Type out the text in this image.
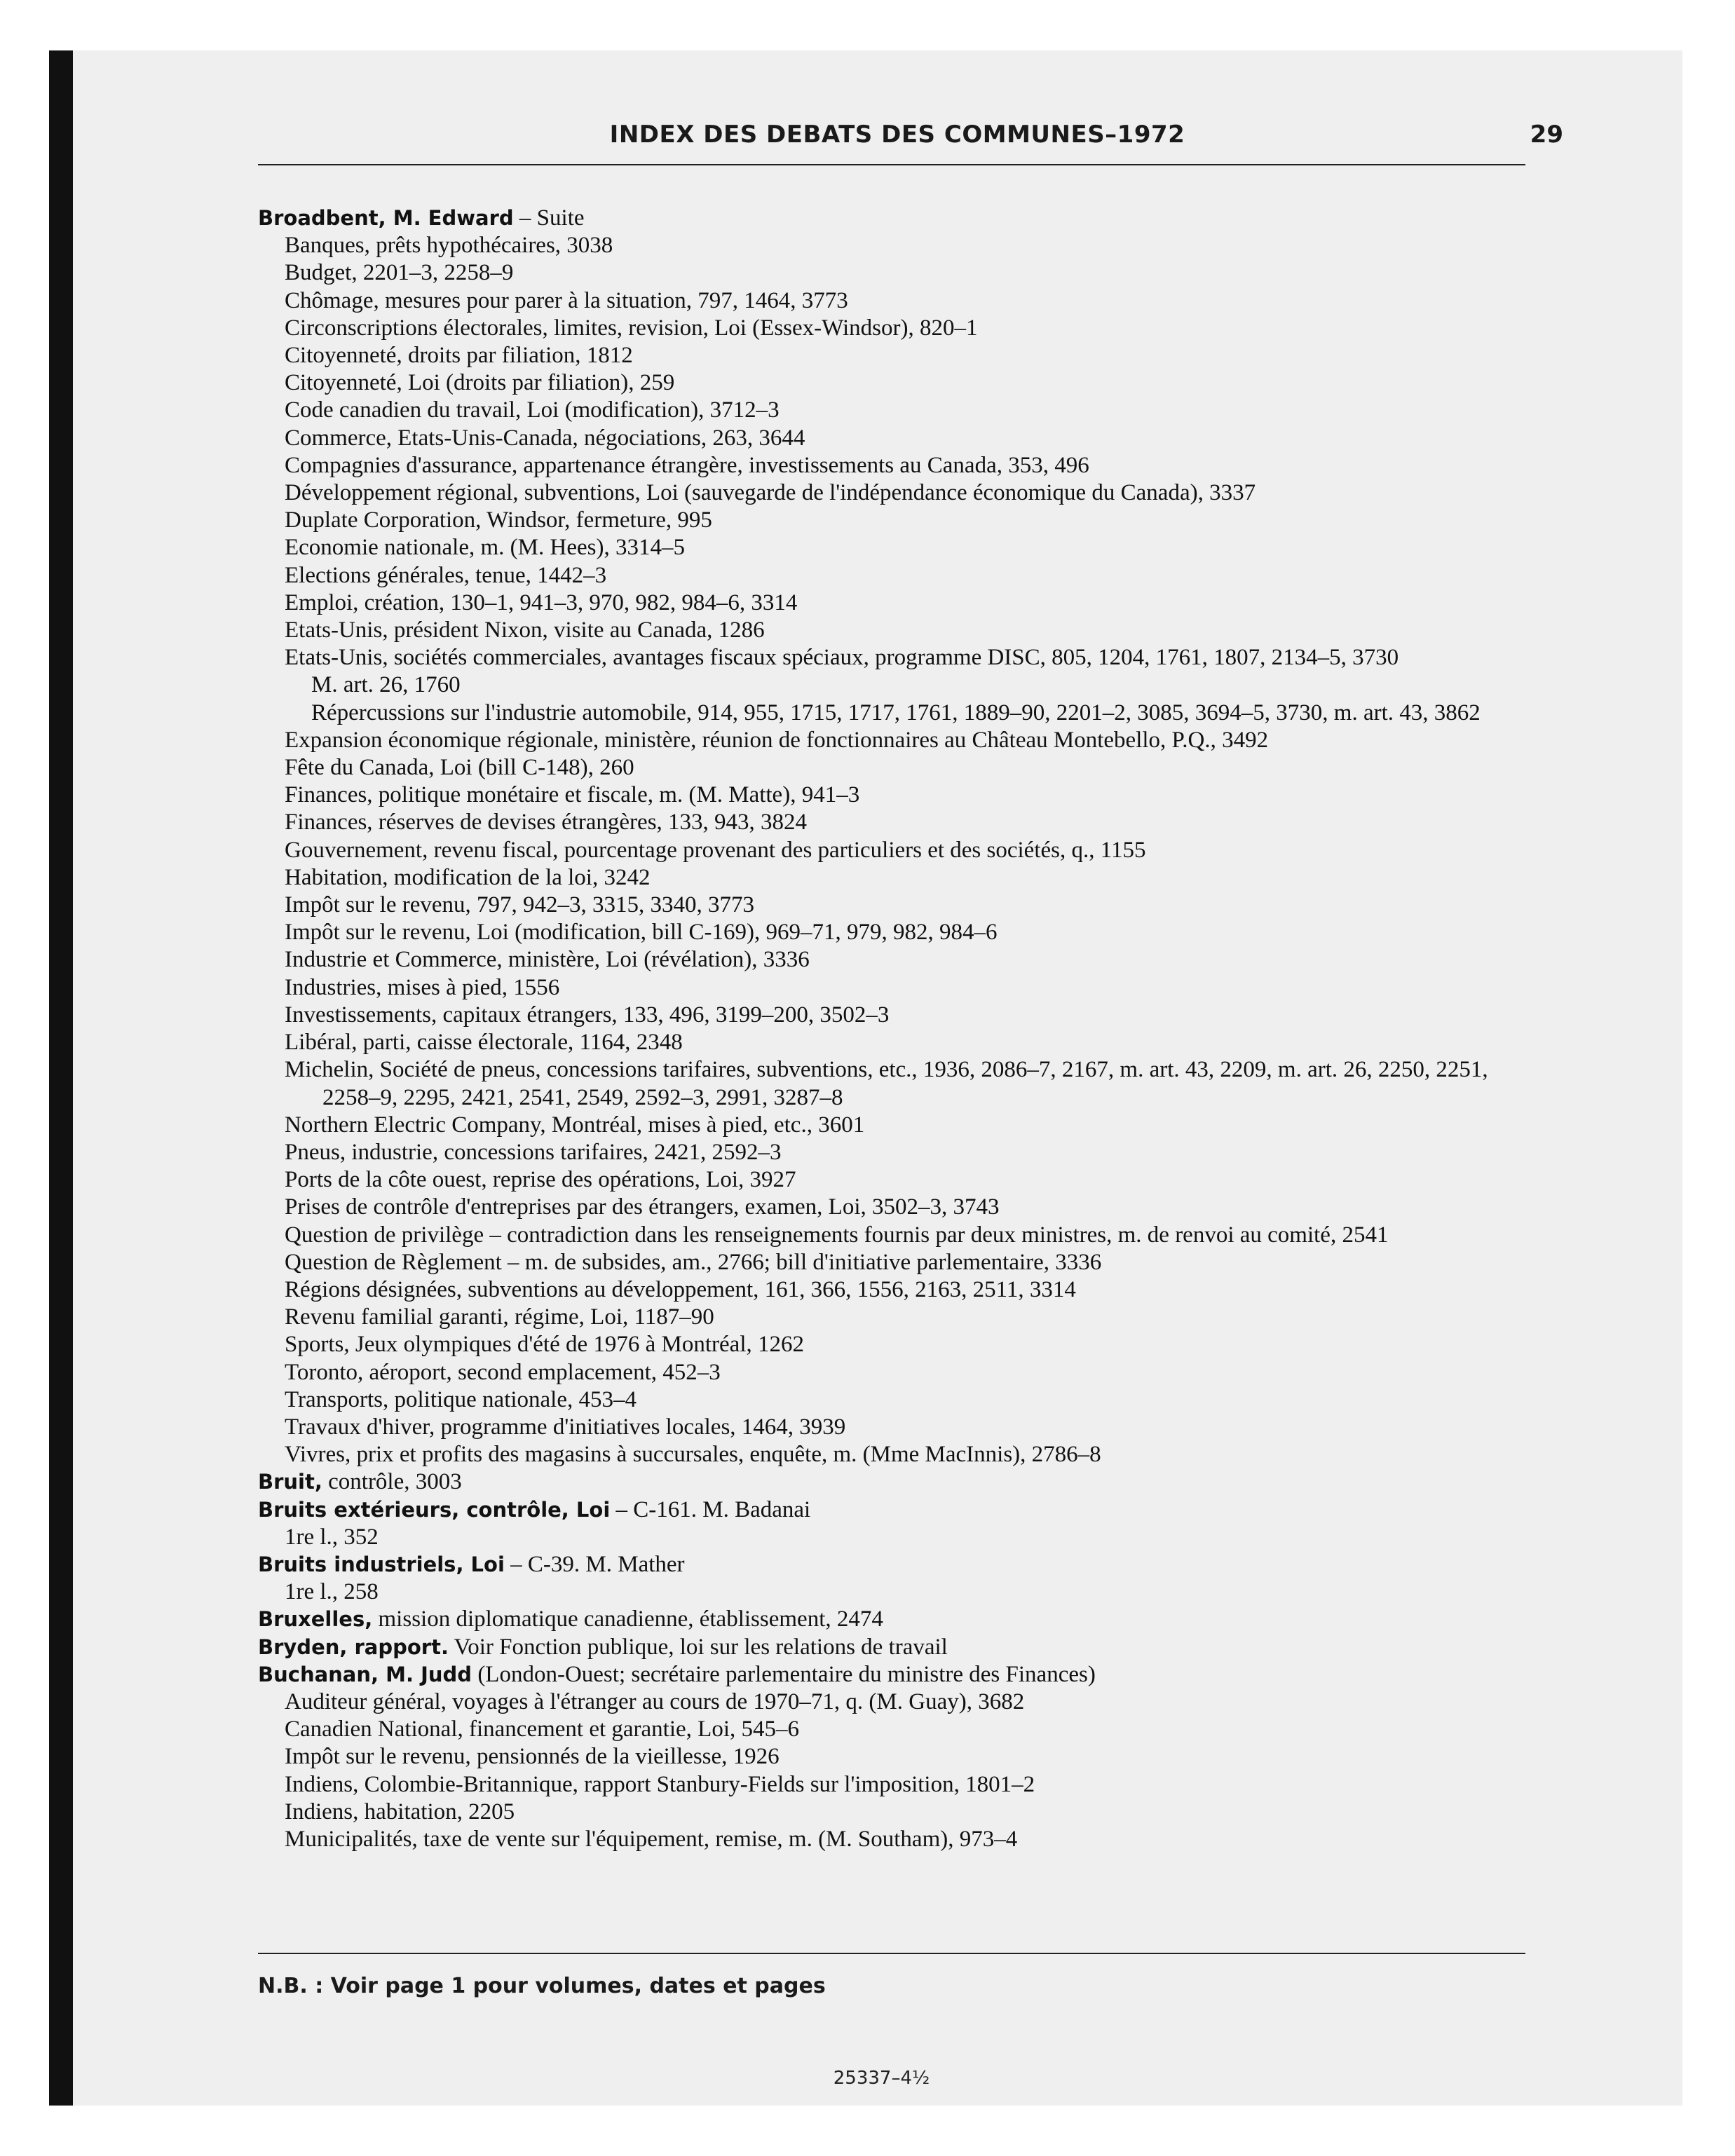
INDEX DES DEBATS DES COMMUNES–1972	29
Broadbent, M. Edward – Suite
Banques, prêts hypothécaires, 3038
Budget, 2201–3, 2258–9
Chômage, mesures pour parer à la situation, 797, 1464, 3773
Circonscriptions électorales, limites, revision, Loi (Essex-Windsor), 820–1
Citoyenneté, droits par filiation, 1812
Citoyenneté, Loi (droits par filiation), 259
Code canadien du travail, Loi (modification), 3712–3
Commerce, Etats-Unis-Canada, négociations, 263, 3644
Compagnies d'assurance, appartenance étrangère, investissements au Canada, 353, 496
Développement régional, subventions, Loi (sauvegarde de l'indépendance économique du Canada), 3337
Duplate Corporation, Windsor, fermeture, 995
Economie nationale, m. (M. Hees), 3314–5
Elections générales, tenue, 1442–3
Emploi, création, 130–1, 941–3, 970, 982, 984–6, 3314
Etats-Unis, président Nixon, visite au Canada, 1286
Etats-Unis, sociétés commerciales, avantages fiscaux spéciaux, programme DISC, 805, 1204, 1761, 1807, 2134–5, 3730
M. art. 26, 1760
Répercussions sur l'industrie automobile, 914, 955, 1715, 1717, 1761, 1889–90, 2201–2, 3085, 3694–5, 3730, m. art. 43, 3862
Expansion économique régionale, ministère, réunion de fonctionnaires au Château Montebello, P.Q., 3492
Fête du Canada, Loi (bill C-148), 260
Finances, politique monétaire et fiscale, m. (M. Matte), 941–3
Finances, réserves de devises étrangères, 133, 943, 3824
Gouvernement, revenu fiscal, pourcentage provenant des particuliers et des sociétés, q., 1155
Habitation, modification de la loi, 3242
Impôt sur le revenu, 797, 942–3, 3315, 3340, 3773
Impôt sur le revenu, Loi (modification, bill C-169), 969–71, 979, 982, 984–6
Industrie et Commerce, ministère, Loi (révélation), 3336
Industries, mises à pied, 1556
Investissements, capitaux étrangers, 133, 496, 3199–200, 3502–3
Libéral, parti, caisse électorale, 1164, 2348
Michelin, Société de pneus, concessions tarifaires, subventions, etc., 1936, 2086–7, 2167, m. art. 43, 2209, m. art. 26, 2250, 2251, 2258–9, 2295, 2421, 2541, 2549, 2592–3, 2991, 3287–8
Northern Electric Company, Montréal, mises à pied, etc., 3601
Pneus, industrie, concessions tarifaires, 2421, 2592–3
Ports de la côte ouest, reprise des opérations, Loi, 3927
Prises de contrôle d'entreprises par des étrangers, examen, Loi, 3502–3, 3743
Question de privilège – contradiction dans les renseignements fournis par deux ministres, m. de renvoi au comité, 2541
Question de Règlement – m. de subsides, am., 2766; bill d'initiative parlementaire, 3336
Régions désignées, subventions au développement, 161, 366, 1556, 2163, 2511, 3314
Revenu familial garanti, régime, Loi, 1187–90
Sports, Jeux olympiques d'été de 1976 à Montréal, 1262
Toronto, aéroport, second emplacement, 452–3
Transports, politique nationale, 453–4
Travaux d'hiver, programme d'initiatives locales, 1464, 3939
Vivres, prix et profits des magasins à succursales, enquête, m. (Mme MacInnis), 2786–8
Bruit, contrôle, 3003
Bruits extérieurs, contrôle, Loi – C-161. M. Badanai
1re l., 352
Bruits industriels, Loi – C-39. M. Mather
1re l., 258
Bruxelles, mission diplomatique canadienne, établissement, 2474
Bryden, rapport. Voir Fonction publique, loi sur les relations de travail
Buchanan, M. Judd (London-Ouest; secrétaire parlementaire du ministre des Finances)
Auditeur général, voyages à l'étranger au cours de 1970–71, q. (M. Guay), 3682
Canadien National, financement et garantie, Loi, 545–6
Impôt sur le revenu, pensionnés de la vieillesse, 1926
Indiens, Colombie-Britannique, rapport Stanbury-Fields sur l'imposition, 1801–2
Indiens, habitation, 2205
Municipalités, taxe de vente sur l'équipement, remise, m. (M. Southam), 973–4
N.B. : Voir page 1 pour volumes, dates et pages
25337–4½
